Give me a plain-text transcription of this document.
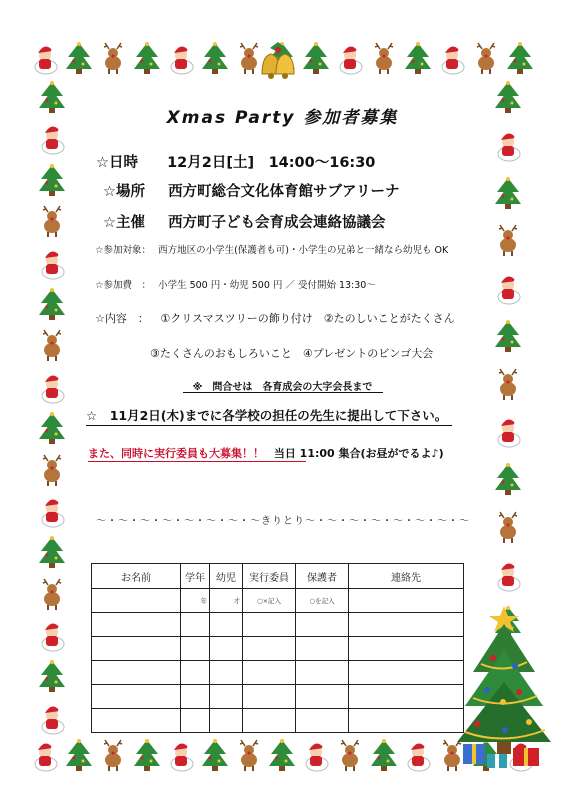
Xmas Party 参加者募集
☆日時 12月2日[土]　14:00〜16:30
☆場所 西方町総合文化体育館サブアリーナ
☆主催 西方町子ども会育成会連絡協議会
☆参加対象： 西方地区の小学生(保護者も可)・小学生の兄弟と一緒なら幼児も OK
☆参加費　： 小学生 500 円・幼児 500 円 ／ 受付開始 13:30〜
☆内容　： ①クリスマスツリーの飾り付け　②たのしいことがたくさん
③たくさんのおもしろいこと　④プレゼントのビンゴ大会
※　問合せは　各育成会の大字会長まで
☆　11月2日(木)までに各学校の担任の先生に提出して下さい。
また、同時に実行委員も大募集！！ 当日 11:00 集合(お昼がでるよ♪)
～・～・～・～・～・～・～・～きりとり～・～・～・～・～・～・～・～
お名前	学年	幼児	実行委員	保護者	連絡先
	年	才	○×記入	○を記入	
